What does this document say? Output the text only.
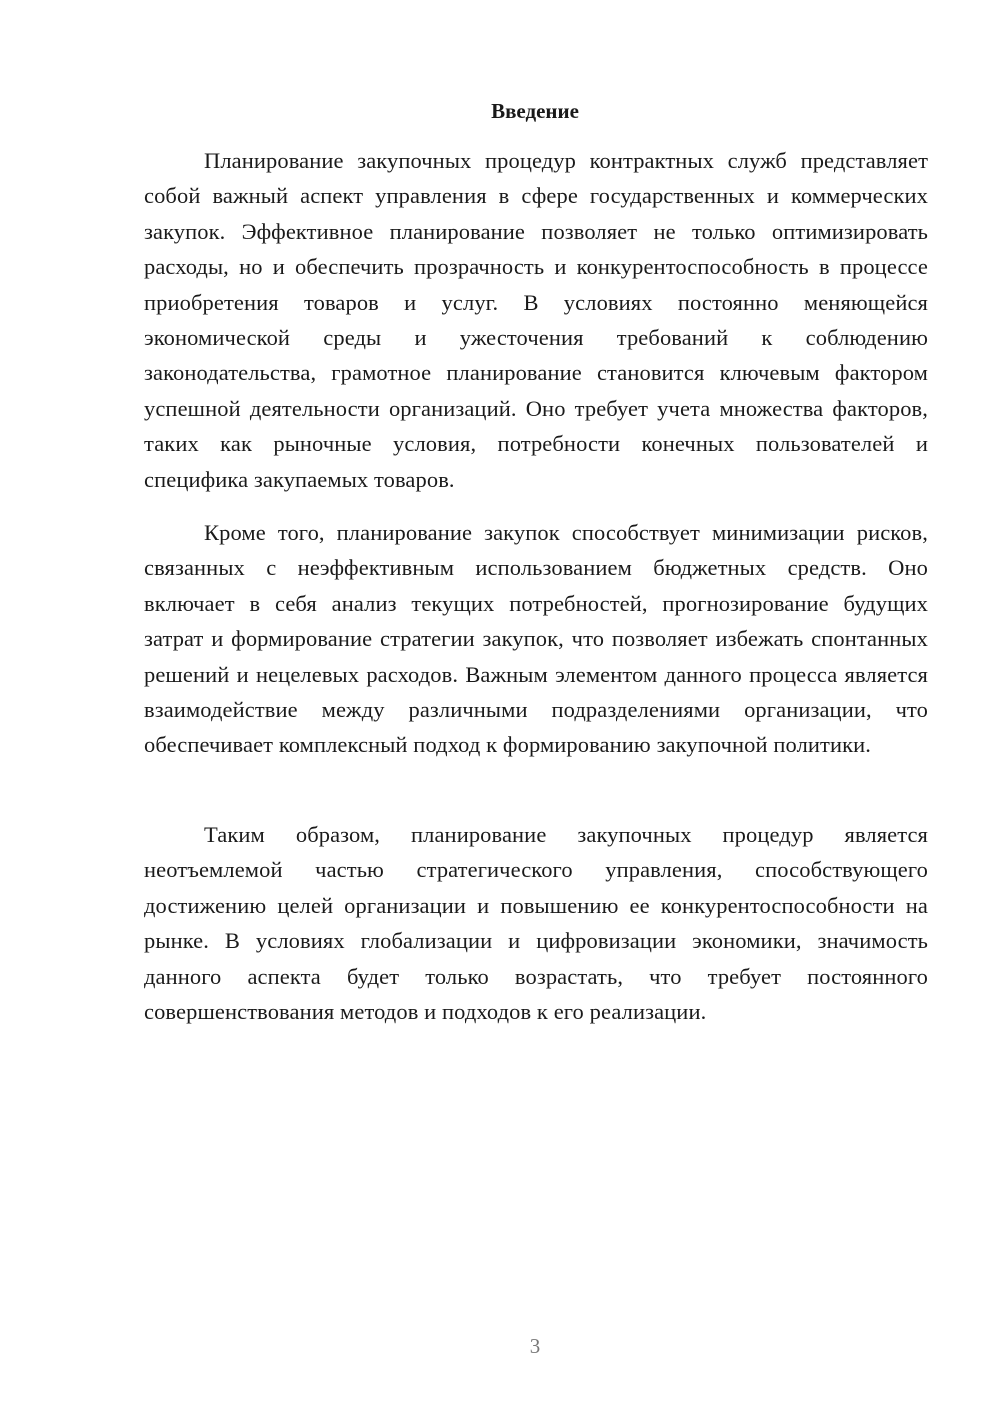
Введение

Планирование закупочных процедур контрактных служб представляет собой важный аспект управления в сфере государственных и коммерческих закупок. Эффективное планирование позволяет не только оптимизировать расходы, но и обеспечить прозрачность и конкурентоспособность в процессе приобретения товаров и услуг. В условиях постоянно меняющейся экономической среды и ужесточения требований к соблюдению законодательства, грамотное планирование становится ключевым фактором успешной деятельности организаций. Оно требует учета множества факторов, таких как рыночные условия, потребности конечных пользователей и специфика закупаемых товаров.

Кроме того, планирование закупок способствует минимизации рисков, связанных с неэффективным использованием бюджетных средств. Оно включает в себя анализ текущих потребностей, прогнозирование будущих затрат и формирование стратегии закупок, что позволяет избежать спонтанных решений и нецелевых расходов. Важным элементом данного процесса является взаимодействие между различными подразделениями организации, что обеспечивает комплексный подход к формированию закупочной политики.

Таким образом, планирование закупочных процедур является неотъемлемой частью стратегического управления, способствующего достижению целей организации и повышению ее конкурентоспособности на рынке. В условиях глобализации и цифровизации экономики, значимость данного аспекта будет только возрастать, что требует постоянного совершенствования методов и подходов к его реализации.

3
